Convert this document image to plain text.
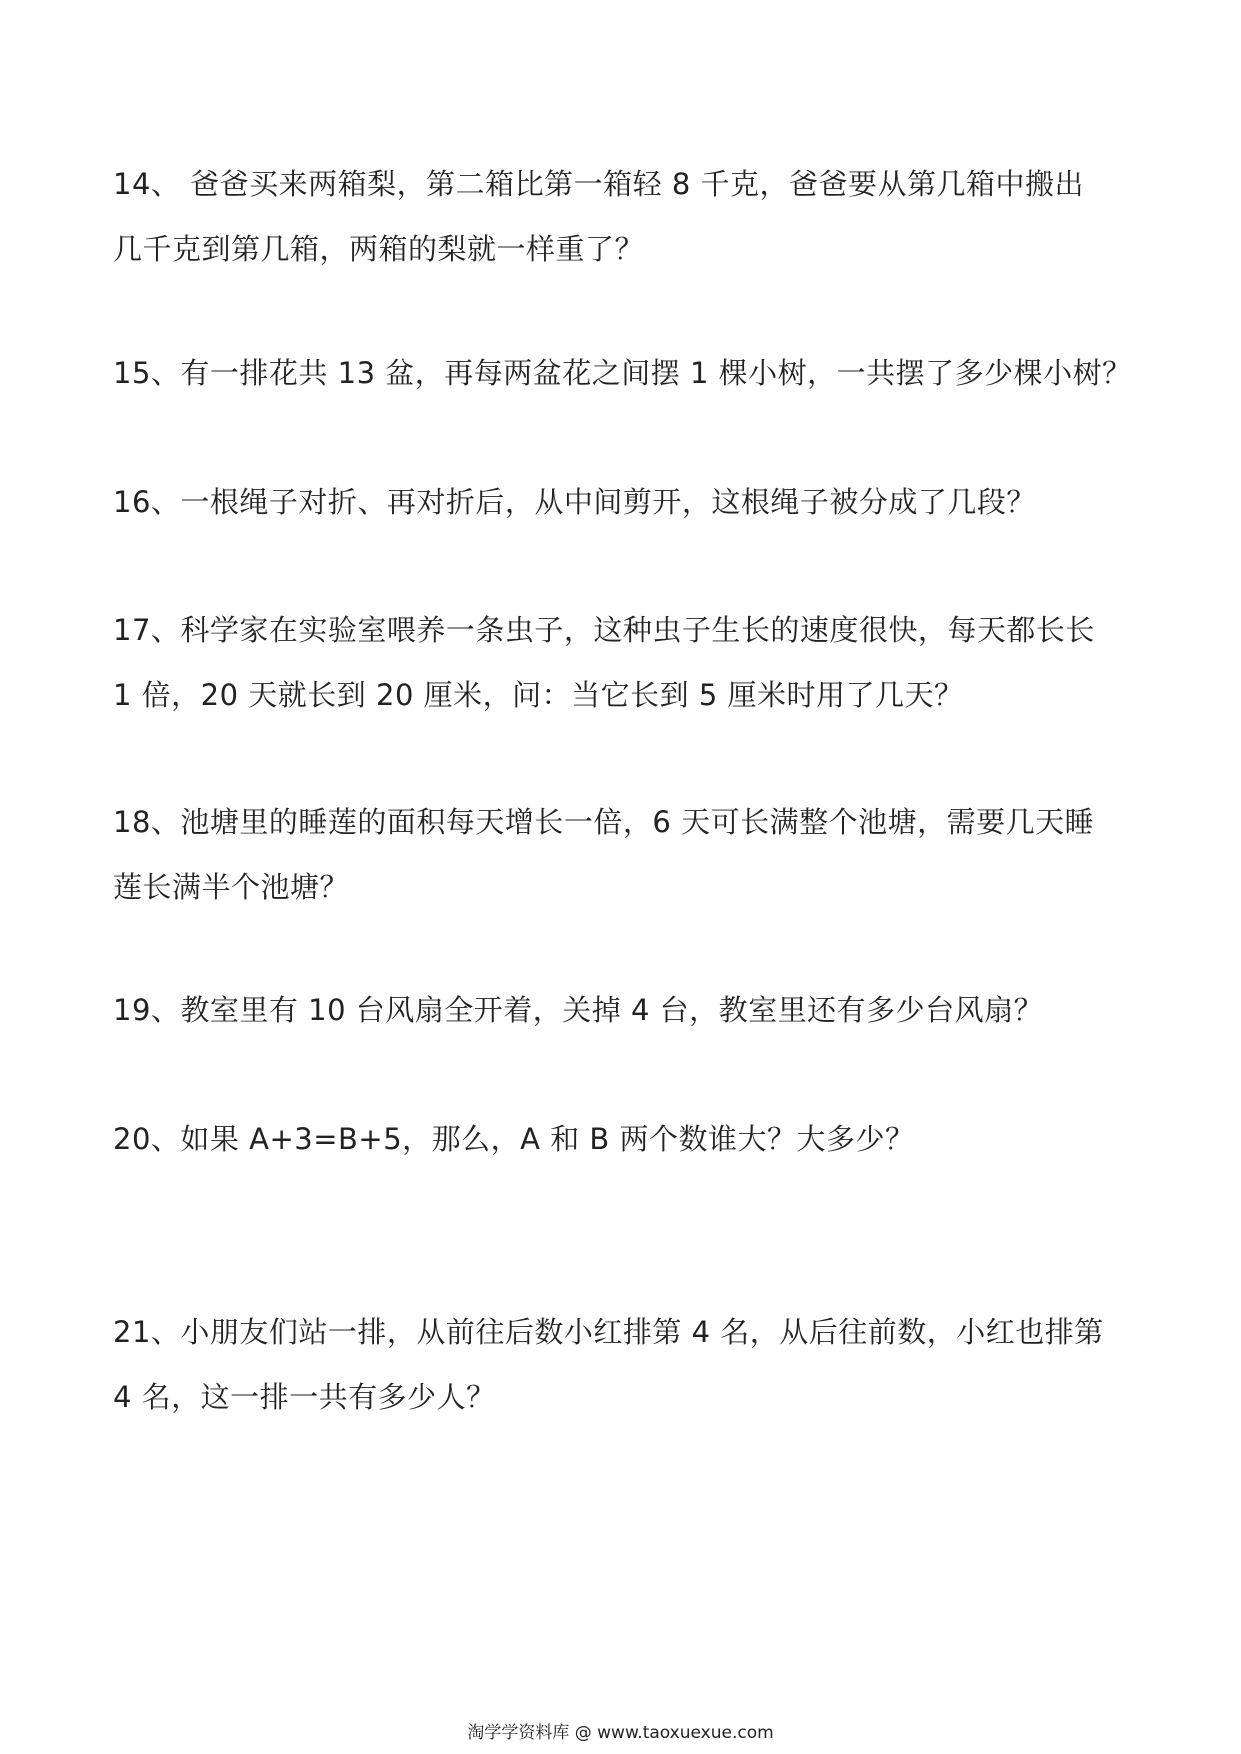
14、 爸爸买来两箱梨，第二箱比第一箱轻 8 千克，爸爸要从第几箱中搬出
几千克到第几箱，两箱的梨就一样重了？
15、有一排花共 13 盆，再每两盆花之间摆 1 棵小树，一共摆了多少棵小树？
16、一根绳子对折、再对折后，从中间剪开，这根绳子被分成了几段？
17、科学家在实验室喂养一条虫子，这种虫子生长的速度很快，每天都长长
1 倍，20 天就长到 20 厘米，问：当它长到 5 厘米时用了几天？
18、池塘里的睡莲的面积每天增长一倍，6 天可长满整个池塘，需要几天睡
莲长满半个池塘？
19、教室里有 10 台风扇全开着，关掉 4 台，教室里还有多少台风扇？
20、如果 A+3=B+5，那么，A 和 B 两个数谁大？大多少？
21、小朋友们站一排，从前往后数小红排第 4 名，从后往前数，小红也排第
4 名，这一排一共有多少人？
淘学学资料库 @ www.taoxuexue.com
